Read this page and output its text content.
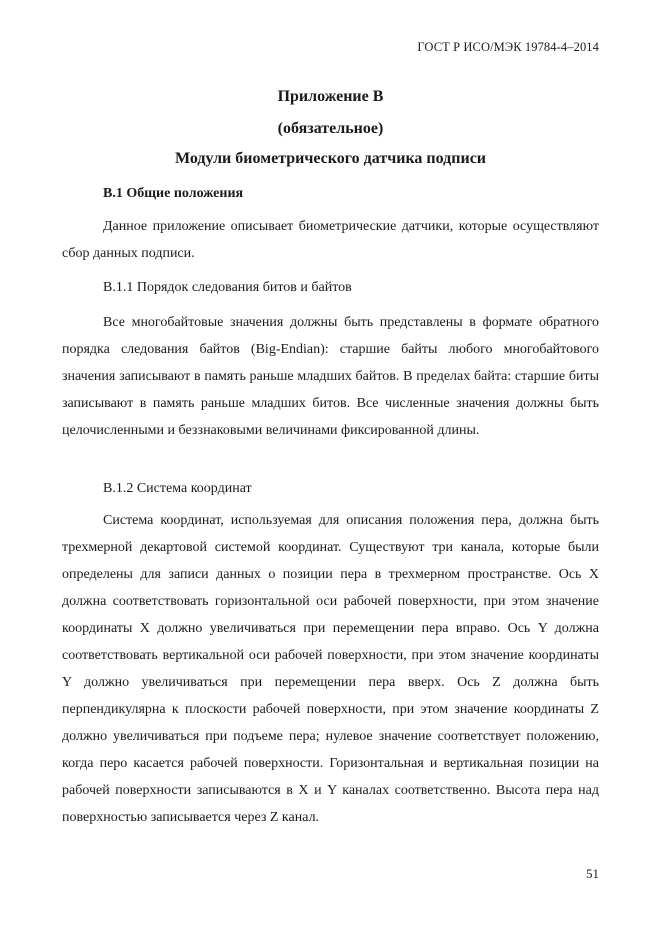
ГОСТ Р ИСО/МЭК 19784-4–2014
Приложение В
(обязательное)
Модули биометрического датчика подписи
В.1 Общие положения

Данное приложение описывает биометрические датчики, которые осуществляют сбор данных подписи.

В.1.1 Порядок следования битов и байтов

Все многобайтовые значения должны быть представлены в формате обратного порядка следования байтов (Big-Endian): старшие байты любого многобайтового значения записывают в память раньше младших байтов. В пределах байта: старшие биты записывают в память раньше младших битов. Все численные значения должны быть целочисленными и беззнаковыми величинами фиксированной длины.

В.1.2 Система координат

Система координат, используемая для описания положения пера, должна быть трехмерной декартовой системой координат. Существуют три канала, которые были определены для записи данных о позиции пера в трехмерном пространстве. Ось X должна соответствовать горизонтальной оси рабочей поверхности, при этом значение координаты X должно увеличиваться при перемещении пера вправо. Ось Y должна соответствовать вертикальной оси рабочей поверхности, при этом значение координаты Y должно увеличиваться при перемещении пера вверх. Ось Z должна быть перпендикулярна к плоскости рабочей поверхности, при этом значение координаты Z должно увеличиваться при подъеме пера; нулевое значение соответствует положению, когда перо касается рабочей поверхности. Горизонтальная и вертикальная позиции на рабочей поверхности записываются в X и Y каналах соответственно. Высота пера над поверхностью записывается через Z канал.

51
